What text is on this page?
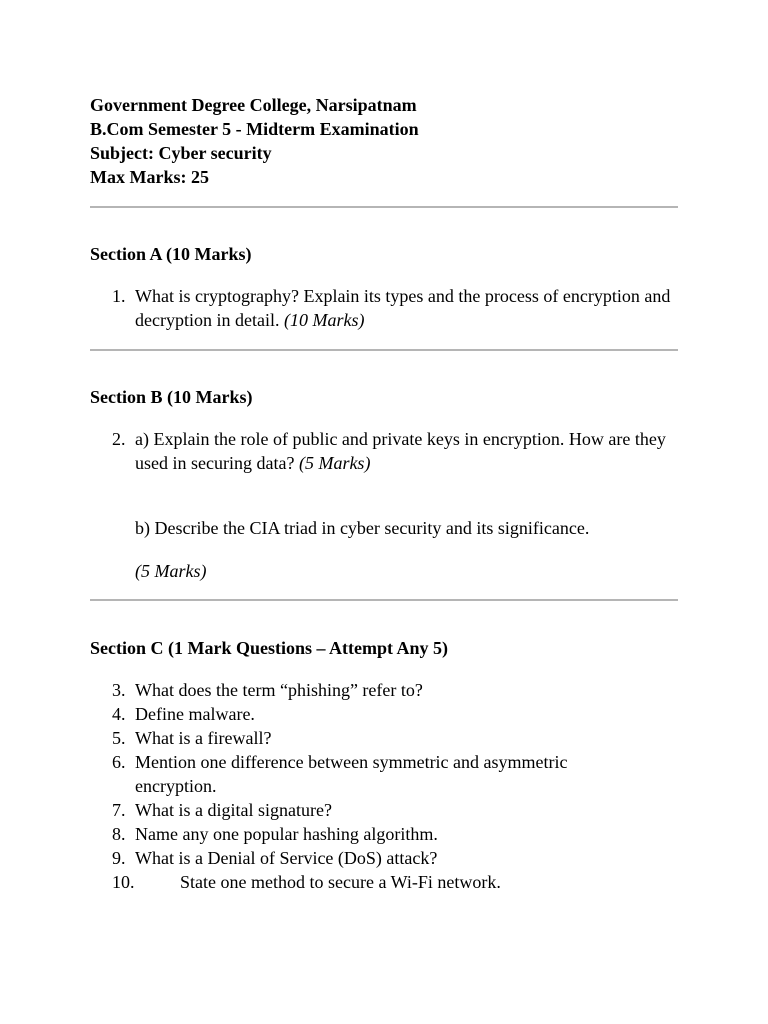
Government Degree College, Narsipatnam
B.Com Semester 5 - Midterm Examination
Subject: Cyber security
Max Marks: 25
Section A (10 Marks)
1. What is cryptography? Explain its types and the process of encryption and decryption in detail. (10 Marks)
Section B (10 Marks)
2. a) Explain the role of public and private keys in encryption. How are they used in securing data? (5 Marks)
b) Describe the CIA triad in cyber security and its significance.
(5 Marks)
Section C (1 Mark Questions – Attempt Any 5)
3. What does the term “phishing” refer to?
4. Define malware.
5. What is a firewall?
6. Mention one difference between symmetric and asymmetric encryption.
7. What is a digital signature?
8. Name any one popular hashing algorithm.
9. What is a Denial of Service (DoS) attack?
10.	State one method to secure a Wi-Fi network.
